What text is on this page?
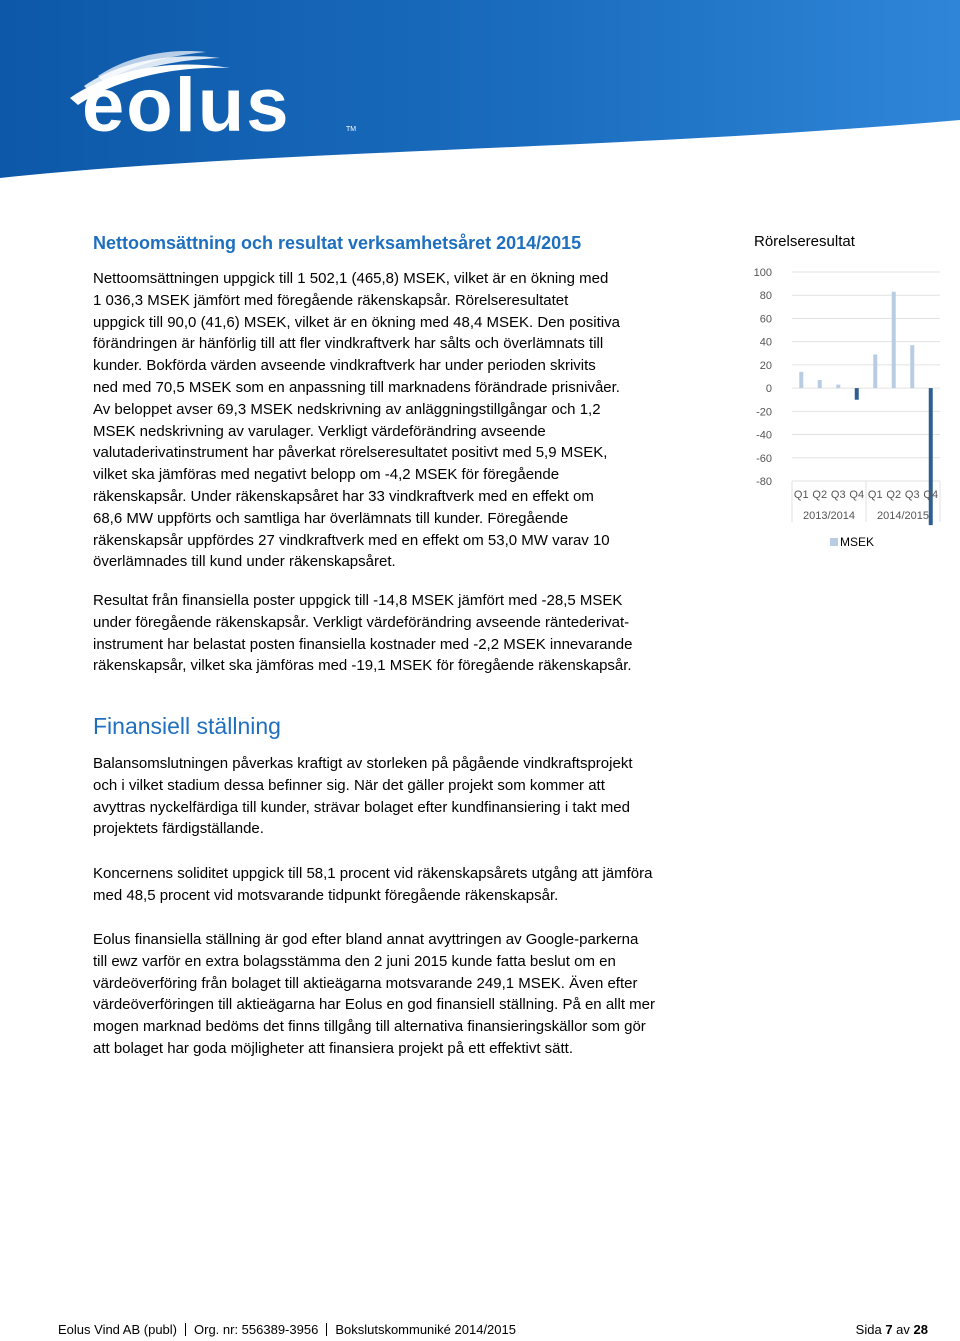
eolus	TM
Nettoomsättning och resultat verksamhetsåret 2014/2015
Nettoomsättningen uppgick till 1 502,1 (465,8) MSEK, vilket är en ökning med
1 036,3 MSEK jämfört med föregående räkenskapsår. Rörelseresultatet
uppgick till 90,0 (41,6) MSEK, vilket är en ökning med 48,4 MSEK. Den positiva
förändringen är hänförlig till att fler vindkraftverk har sålts och överlämnats till
kunder. Bokförda värden avseende vindkraftverk har under perioden skrivits
ned med 70,5 MSEK som en anpassning till marknadens förändrade prisnivåer.
Av beloppet avser 69,3 MSEK nedskrivning av anläggningstillgångar och 1,2
MSEK nedskrivning av varulager. Verkligt värdeförändring avseende
valutaderivatinstrument har påverkat rörelseresultatet positivt med 5,9 MSEK,
vilket ska jämföras med negativt belopp om -4,2 MSEK för föregående
räkenskapsår. Under räkenskapsåret har 33 vindkraftverk med en effekt om
68,6 MW uppförts och samtliga har överlämnats till kunder. Föregående
räkenskapsår uppfördes 27 vindkraftverk med en effekt om 53,0 MW varav 10
överlämnades till kund under räkenskapsåret.
Rörelseresultat
100
80
60
40
20
0
-20
-40
-60
-80
Q1 Q2 Q3 Q4 Q1 Q2 Q3 Q4
2013/2014 2014/2015
MSEK
Resultat från finansiella poster uppgick till -14,8 MSEK jämfört med -28,5 MSEK
under föregående räkenskapsår. Verkligt värdeförändring avseende räntederivat-
instrument har belastat posten finansiella kostnader med -2,2 MSEK innevarande
räkenskapsår, vilket ska jämföras med -19,1 MSEK för föregående räkenskapsår.
Finansiell ställning
Balansomslutningen påverkas kraftigt av storleken på pågående vindkraftsprojekt
och i vilket stadium dessa befinner sig. När det gäller projekt som kommer att
avyttras nyckelfärdiga till kunder, strävar bolaget efter kundfinansiering i takt med
projektets färdigställande.
Koncernens soliditet uppgick till 58,1 procent vid räkenskapsårets utgång att jämföra
med 48,5 procent vid motsvarande tidpunkt föregående räkenskapsår.
Eolus finansiella ställning är god efter bland annat avyttringen av Google-parkerna
till ewz varför en extra bolagsstämma den 2 juni 2015 kunde fatta beslut om en
värdeöverföring från bolaget till aktieägarna motsvarande 249,1 MSEK. Även efter
värdeöverföringen till aktieägarna har Eolus en god finansiell ställning. På en allt mer
mogen marknad bedöms det finns tillgång till alternativa finansieringskällor som gör
att bolaget har goda möjligheter att finansiera projekt på ett effektivt sätt.
Eolus Vind AB (publ) Org. nr: 556389-3956 Bokslutskommuniké 2014/2015	Sida 7 av 28
